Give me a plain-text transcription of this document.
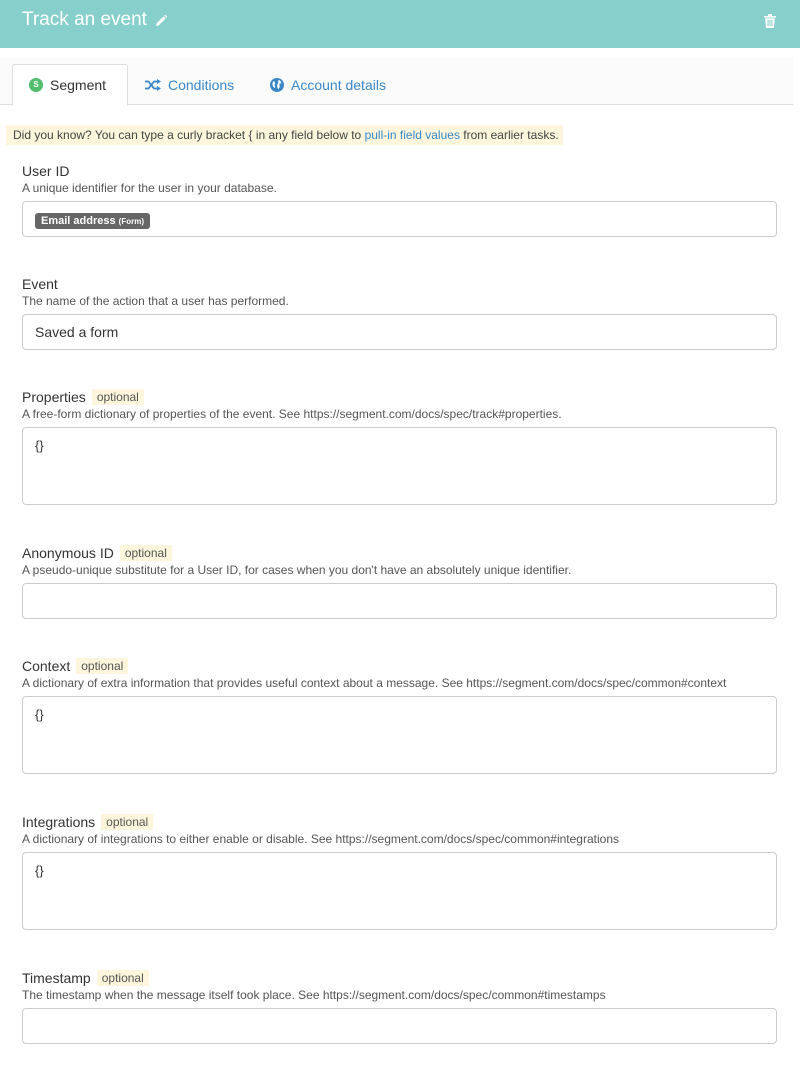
Track an event
S Segment	Conditions	Account details
Did you know? You can type a curly bracket { in any field below to pull-in field values from earlier tasks.
User ID
A unique identifier for the user in your database.
Email address (Form)
Event
The name of the action that a user has performed.
Saved a form
Properties optional
A free-form dictionary of properties of the event. See https://segment.com/docs/spec/track#properties.
{}
Anonymous ID optional
A pseudo-unique substitute for a User ID, for cases when you don't have an absolutely unique identifier.
Context optional
A dictionary of extra information that provides useful context about a message. See https://segment.com/docs/spec/common#context
{}
Integrations optional
A dictionary of integrations to either enable or disable. See https://segment.com/docs/spec/common#integrations
{}
Timestamp optional
The timestamp when the message itself took place. See https://segment.com/docs/spec/common#timestamps
